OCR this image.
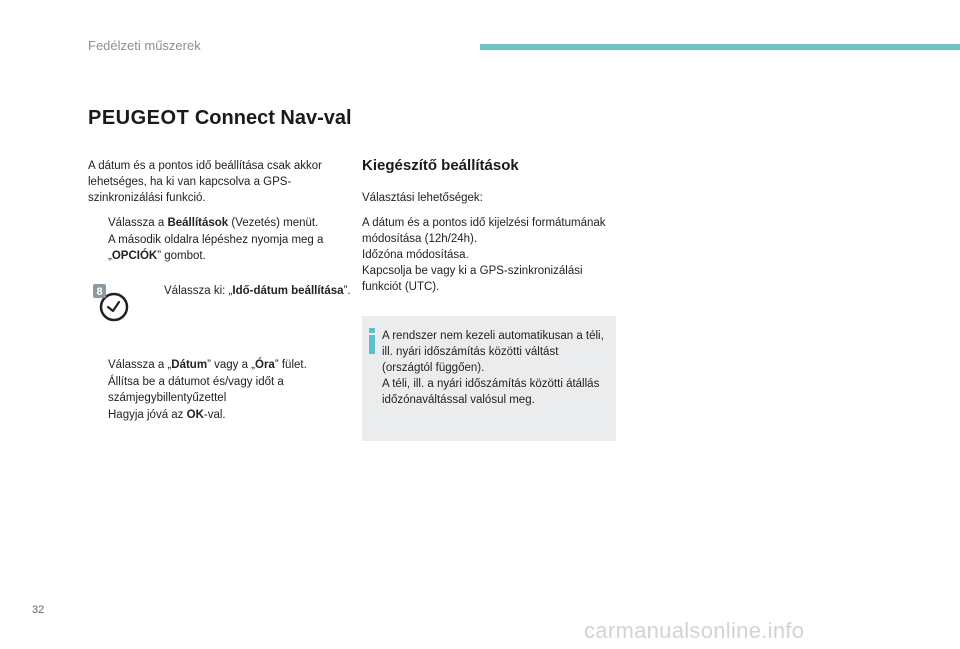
Fedélzeti műszerek
PEUGEOT Connect Nav-val

A dátum és a pontos idő beállítása csak akkor lehetséges, ha ki van kapcsolva a GPS-szinkronizálási funkció.

Válassza a Beállítások (Vezetés) menüt.
A második oldalra lépéshez nyomja meg a „OPCIÓK” gombot.
8	Válassza ki: „Idő-dátum beállítása”.
Válassza a „Dátum” vagy a „Óra” fület.
Állítsa be a dátumot és/vagy időt a számjegybillentyűzettel
Hagyja jóvá az OK-val.
Kiegészítő beállítások

Választási lehetőségek:

A dátum és a pontos idő kijelzési formátumának módosítása (12h/24h).
Időzóna módosítása.
Kapcsolja be vagy ki a GPS-szinkronizálási funkciót (UTC).
A rendszer nem kezeli automatikusan a téli, ill. nyári időszámítás közötti váltást (országtól függően).
A téli, ill. a nyári időszámítás közötti átállás időzónaváltással valósul meg.
32
carmanualsonline.info
